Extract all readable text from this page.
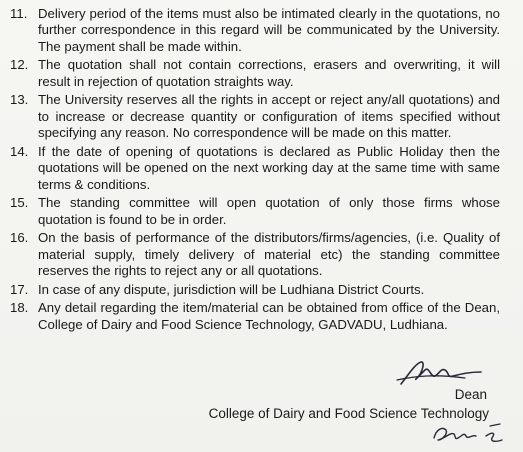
11. Delivery period of the items must also be intimated clearly in the quotations, no further correspondence in this regard will be communicated by the University. The payment shall be made within.
12. The quotation shall not contain corrections, erasers and overwriting, it will result in rejection of quotation straights way.
13. The University reserves all the rights in accept or reject any/all quotations) and to increase or decrease quantity or configuration of items specified without specifying any reason. No correspondence will be made on this matter.
14. If the date of opening of quotations is declared as Public Holiday then the quotations will be opened on the next working day at the same time with same terms & conditions.
15. The standing committee will open quotation of only those firms whose quotation is found to be in order.
16. On the basis of performance of the distributors/firms/agencies, (i.e. Quality of material supply, timely delivery of material etc) the standing committee reserves the rights to reject any or all quotations.
17. In case of any dispute, jurisdiction will be Ludhiana District Courts.
18. Any detail regarding the item/material can be obtained from office of the Dean, College of Dairy and Food Science Technology, GADVADU, Ludhiana.
Dean
College of Dairy and Food Science Technology
